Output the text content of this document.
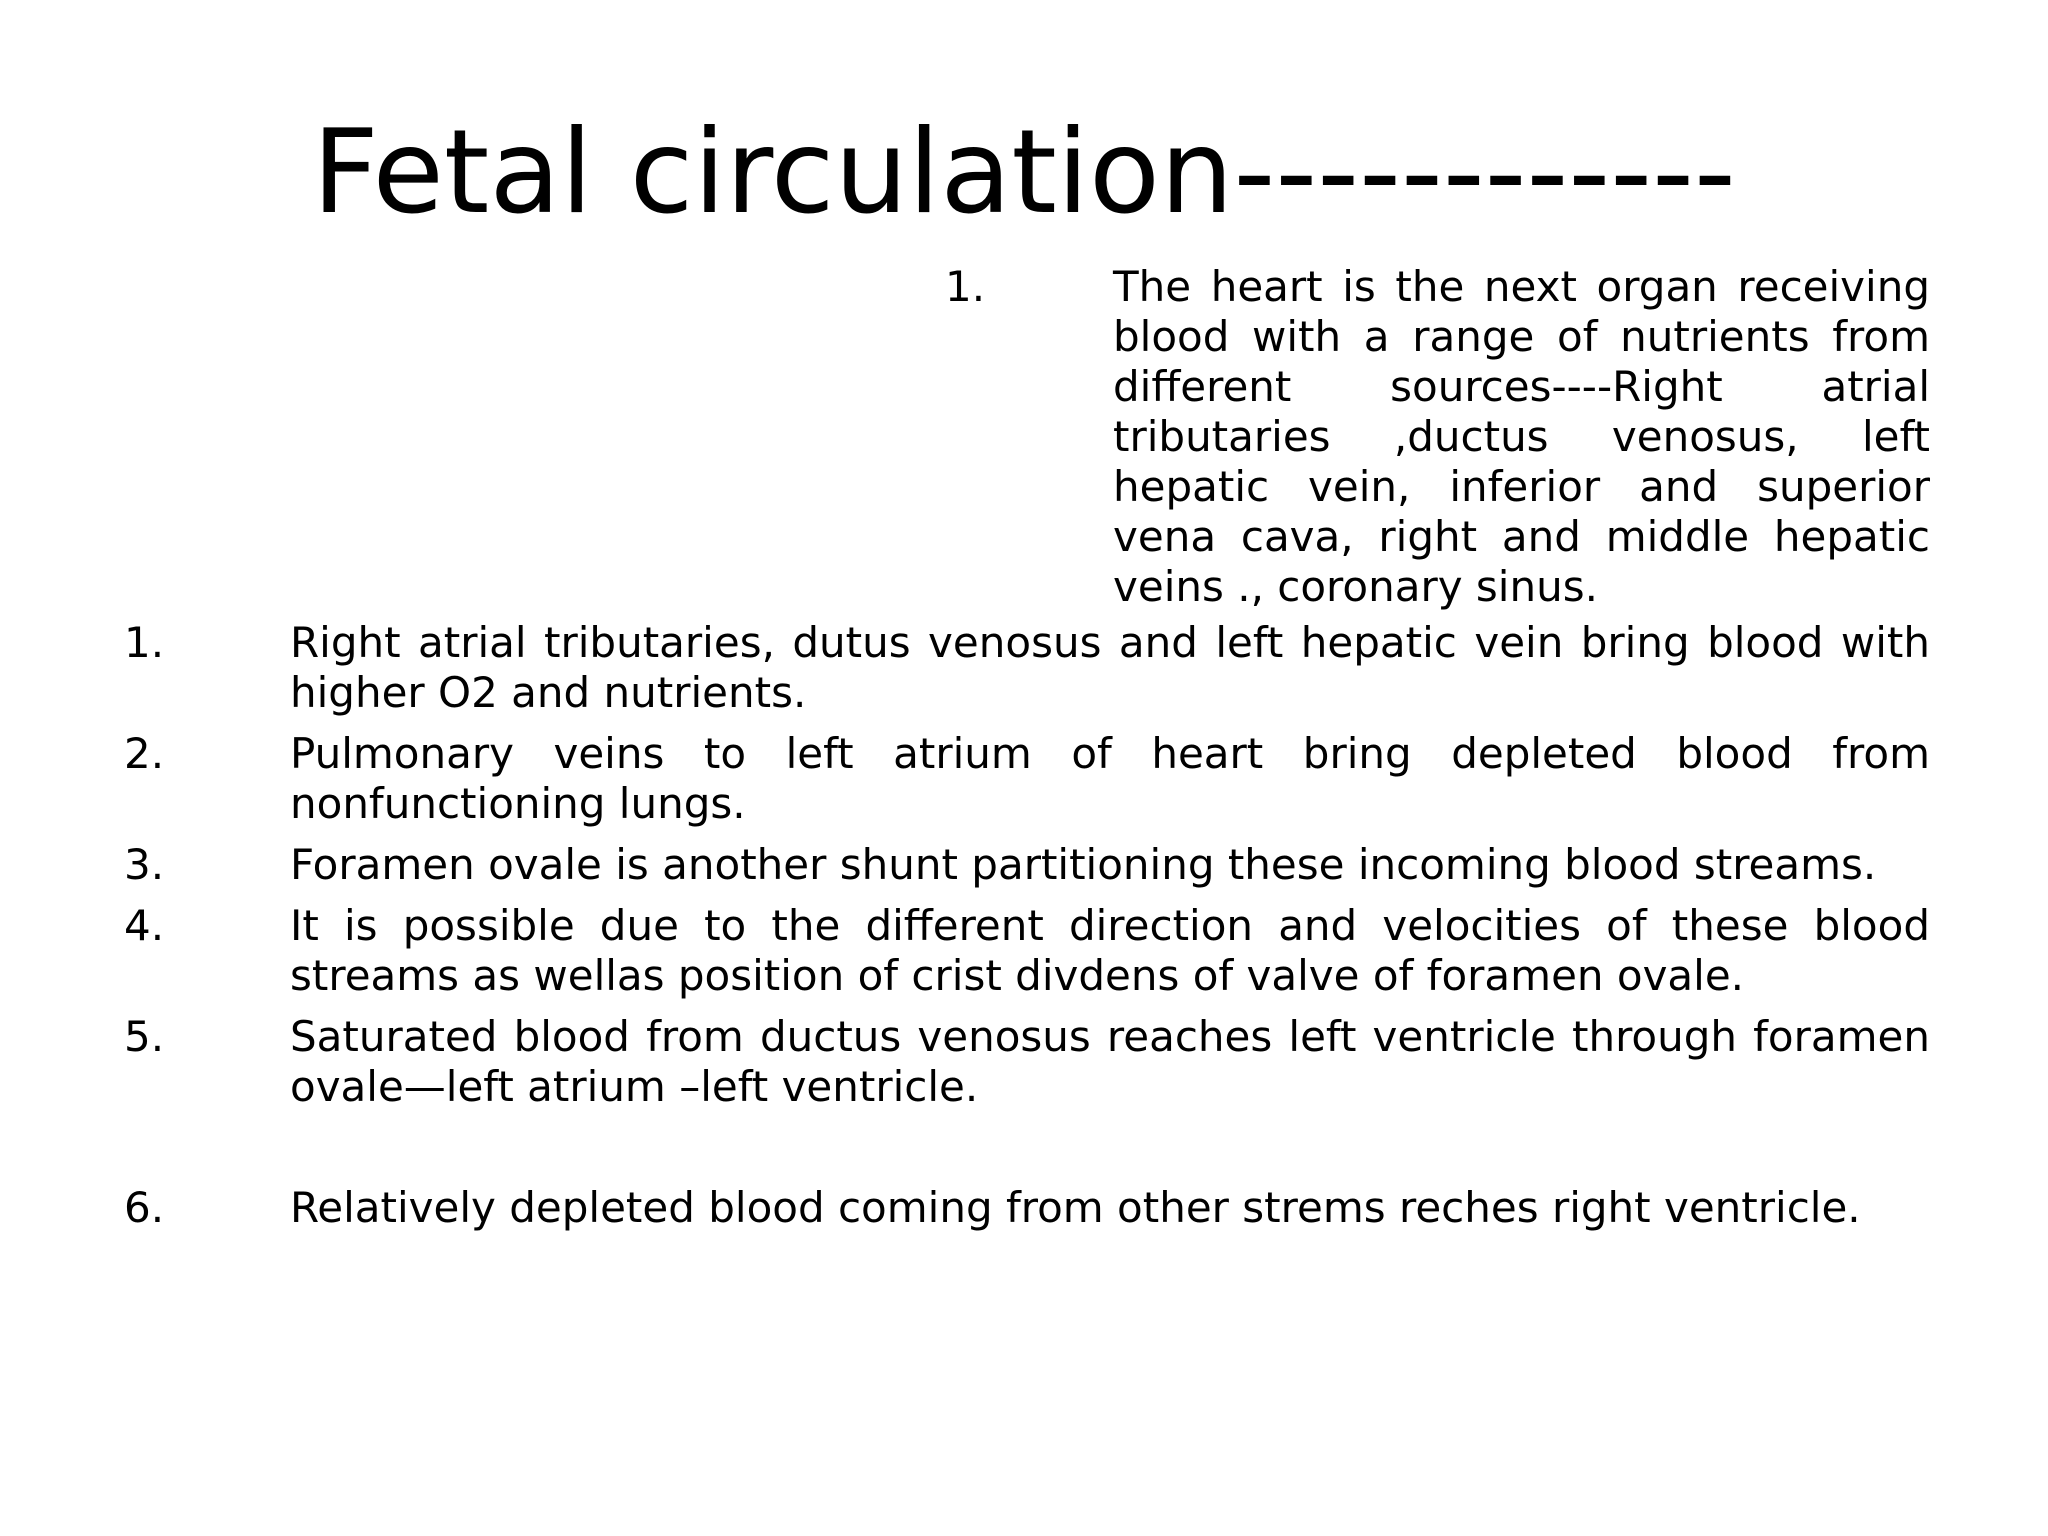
Fetal circulation------------
1.	The heart is the next organ receiving blood with a range of nutrients from different sources----Right atrial tributaries ,ductus venosus, left hepatic vein, inferior and superior vena cava, right and middle hepatic veins ., coronary sinus.

1.	Right atrial tributaries, dutus venosus and left hepatic vein bring blood with higher O2 and nutrients.

2.	Pulmonary veins to left atrium of heart bring depleted blood from nonfunctioning lungs.

3.	Foramen ovale is another shunt partitioning these incoming blood streams.

4.	It is possible due to the different direction and velocities of these blood streams as wellas position of crist divdens of valve of foramen ovale.

5.	Saturated blood from ductus venosus reaches left ventricle through foramen ovale—left atrium –left ventricle.

6.	Relatively depleted blood coming from other strems reches right ventricle.
